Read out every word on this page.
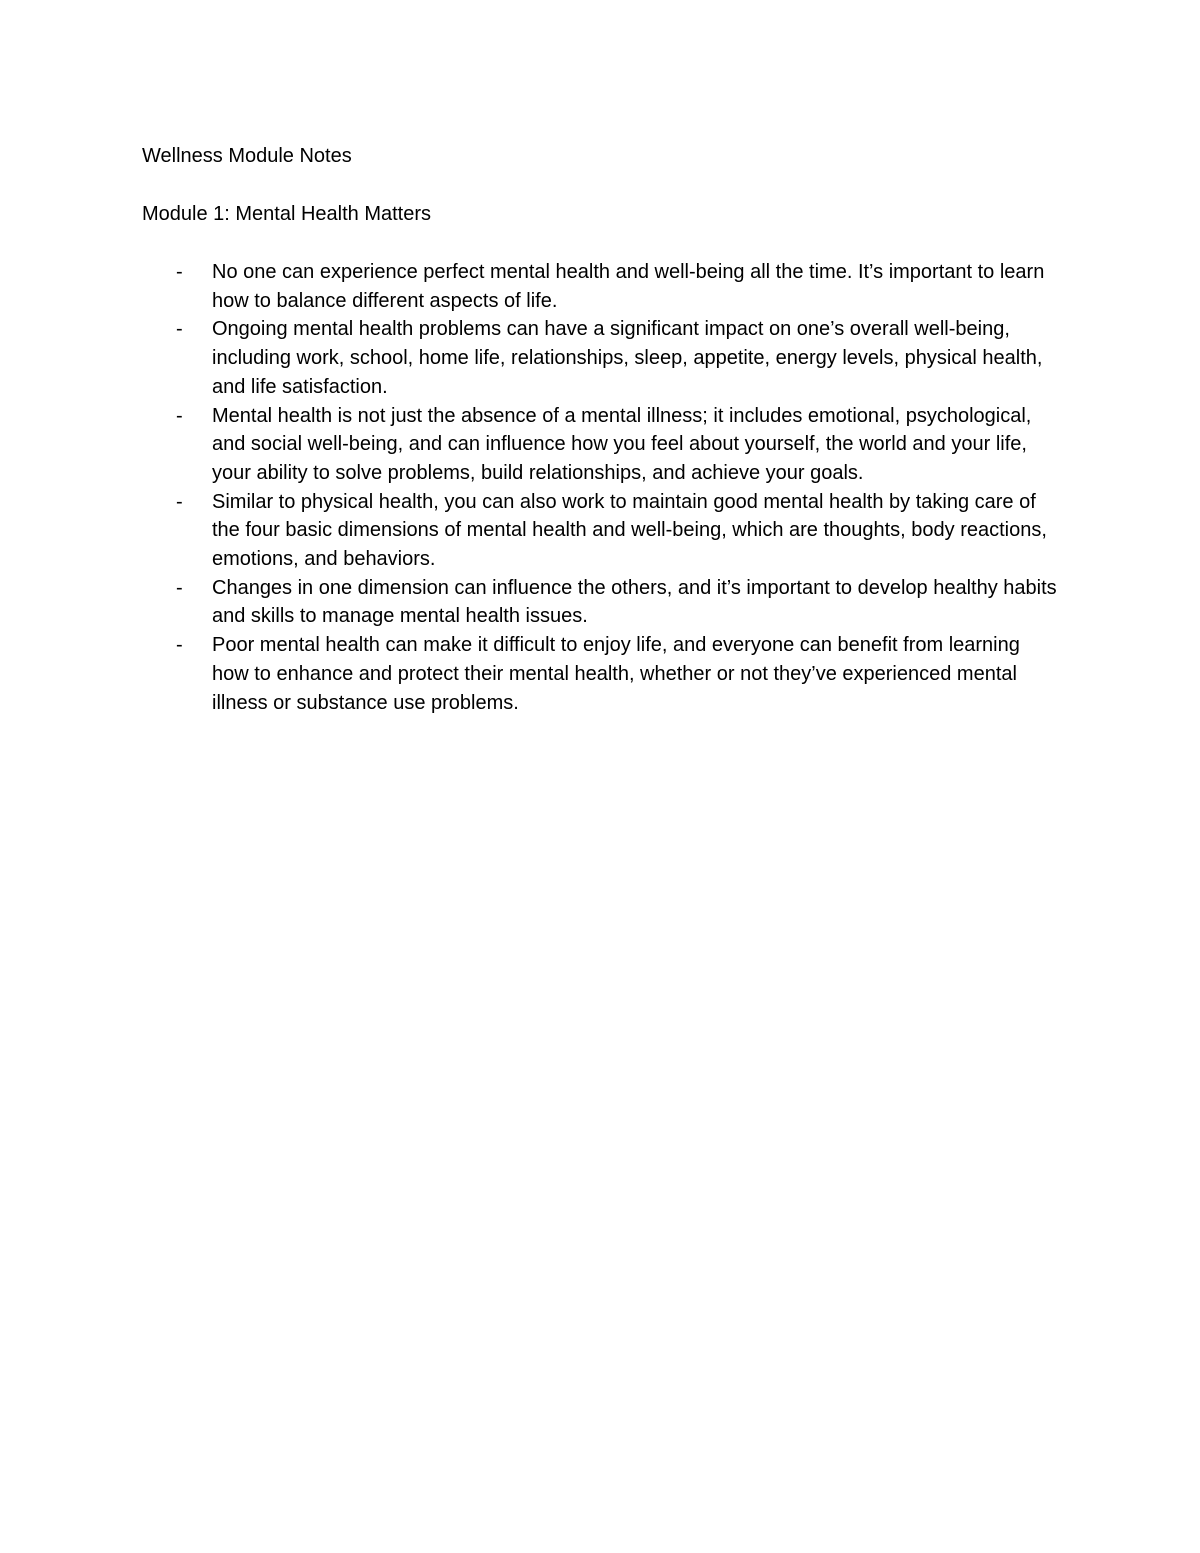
Wellness Module Notes

Module 1: Mental Health Matters

- No one can experience perfect mental health and well-being all the time. It’s important to learn how to balance different aspects of life.
- Ongoing mental health problems can have a significant impact on one’s overall well-being, including work, school, home life, relationships, sleep, appetite, energy levels, physical health, and life satisfaction.
- Mental health is not just the absence of a mental illness; it includes emotional, psychological, and social well-being, and can influence how you feel about yourself, the world and your life, your ability to solve problems, build relationships, and achieve your goals.
- Similar to physical health, you can also work to maintain good mental health by taking care of the four basic dimensions of mental health and well-being, which are thoughts, body reactions, emotions, and behaviors.
- Changes in one dimension can influence the others, and it’s important to develop healthy habits and skills to manage mental health issues.
- Poor mental health can make it difficult to enjoy life, and everyone can benefit from learning how to enhance and protect their mental health, whether or not they’ve experienced mental illness or substance use problems.
